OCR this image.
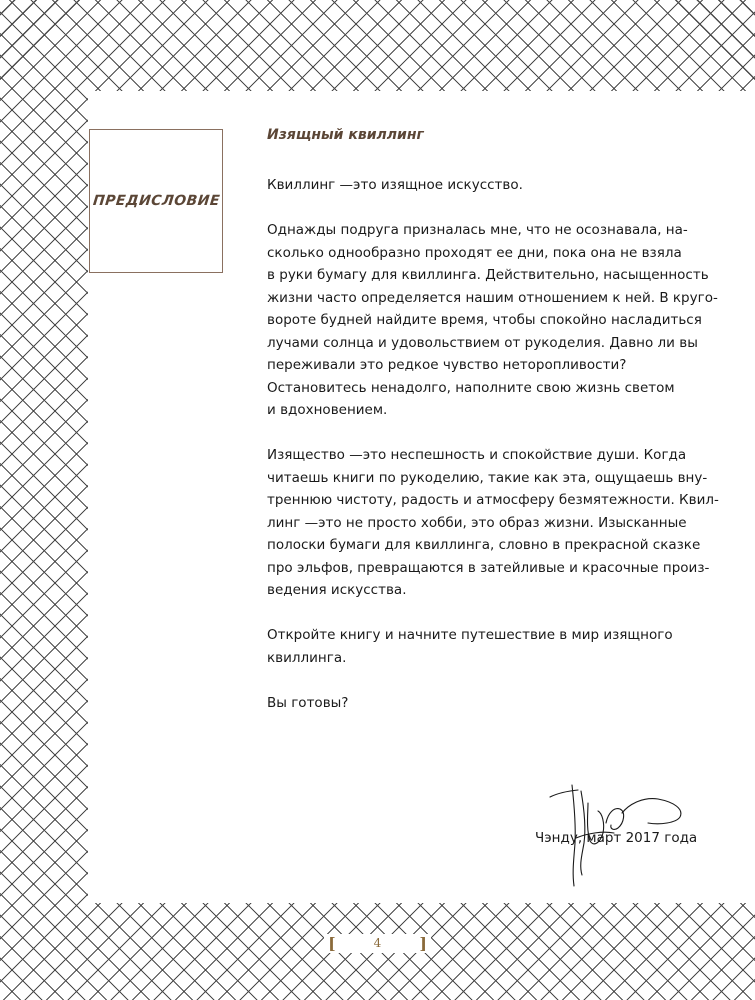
ПРЕДИСЛОВИЕ
Изящный квиллинг

Квиллинг —это изящное искусство.

Однажды подруга призналась мне, что не осознавала, на-
сколько однообразно проходят ее дни, пока она не взяла
в руки бумагу для квиллинга. Действительно, насыщенность
жизни часто определяется нашим отношением к ней. В круго-
вороте будней найдите время, чтобы спокойно насладиться
лучами солнца и удовольствием от рукоделия. Давно ли вы
переживали это редкое чувство неторопливости?
Остановитесь ненадолго, наполните свою жизнь светом
и вдохновением.

Изящество —это неспешность и спокойствие души. Когда
читаешь книги по рукоделию, такие как эта, ощущаешь вну-
треннюю чистоту, радость и атмосферу безмятежности. Квил-
линг —это не просто хобби, это образ жизни. Изысканные
полоски бумаги для квиллинга, словно в прекрасной сказке
про эльфов, превращаются в затейливые и красочные произ-
ведения искусства.

Откройте книгу и начните путешествие в мир изящного
квиллинга.

Вы готовы?

Чэнду, март 2017 года
[	4 ]
